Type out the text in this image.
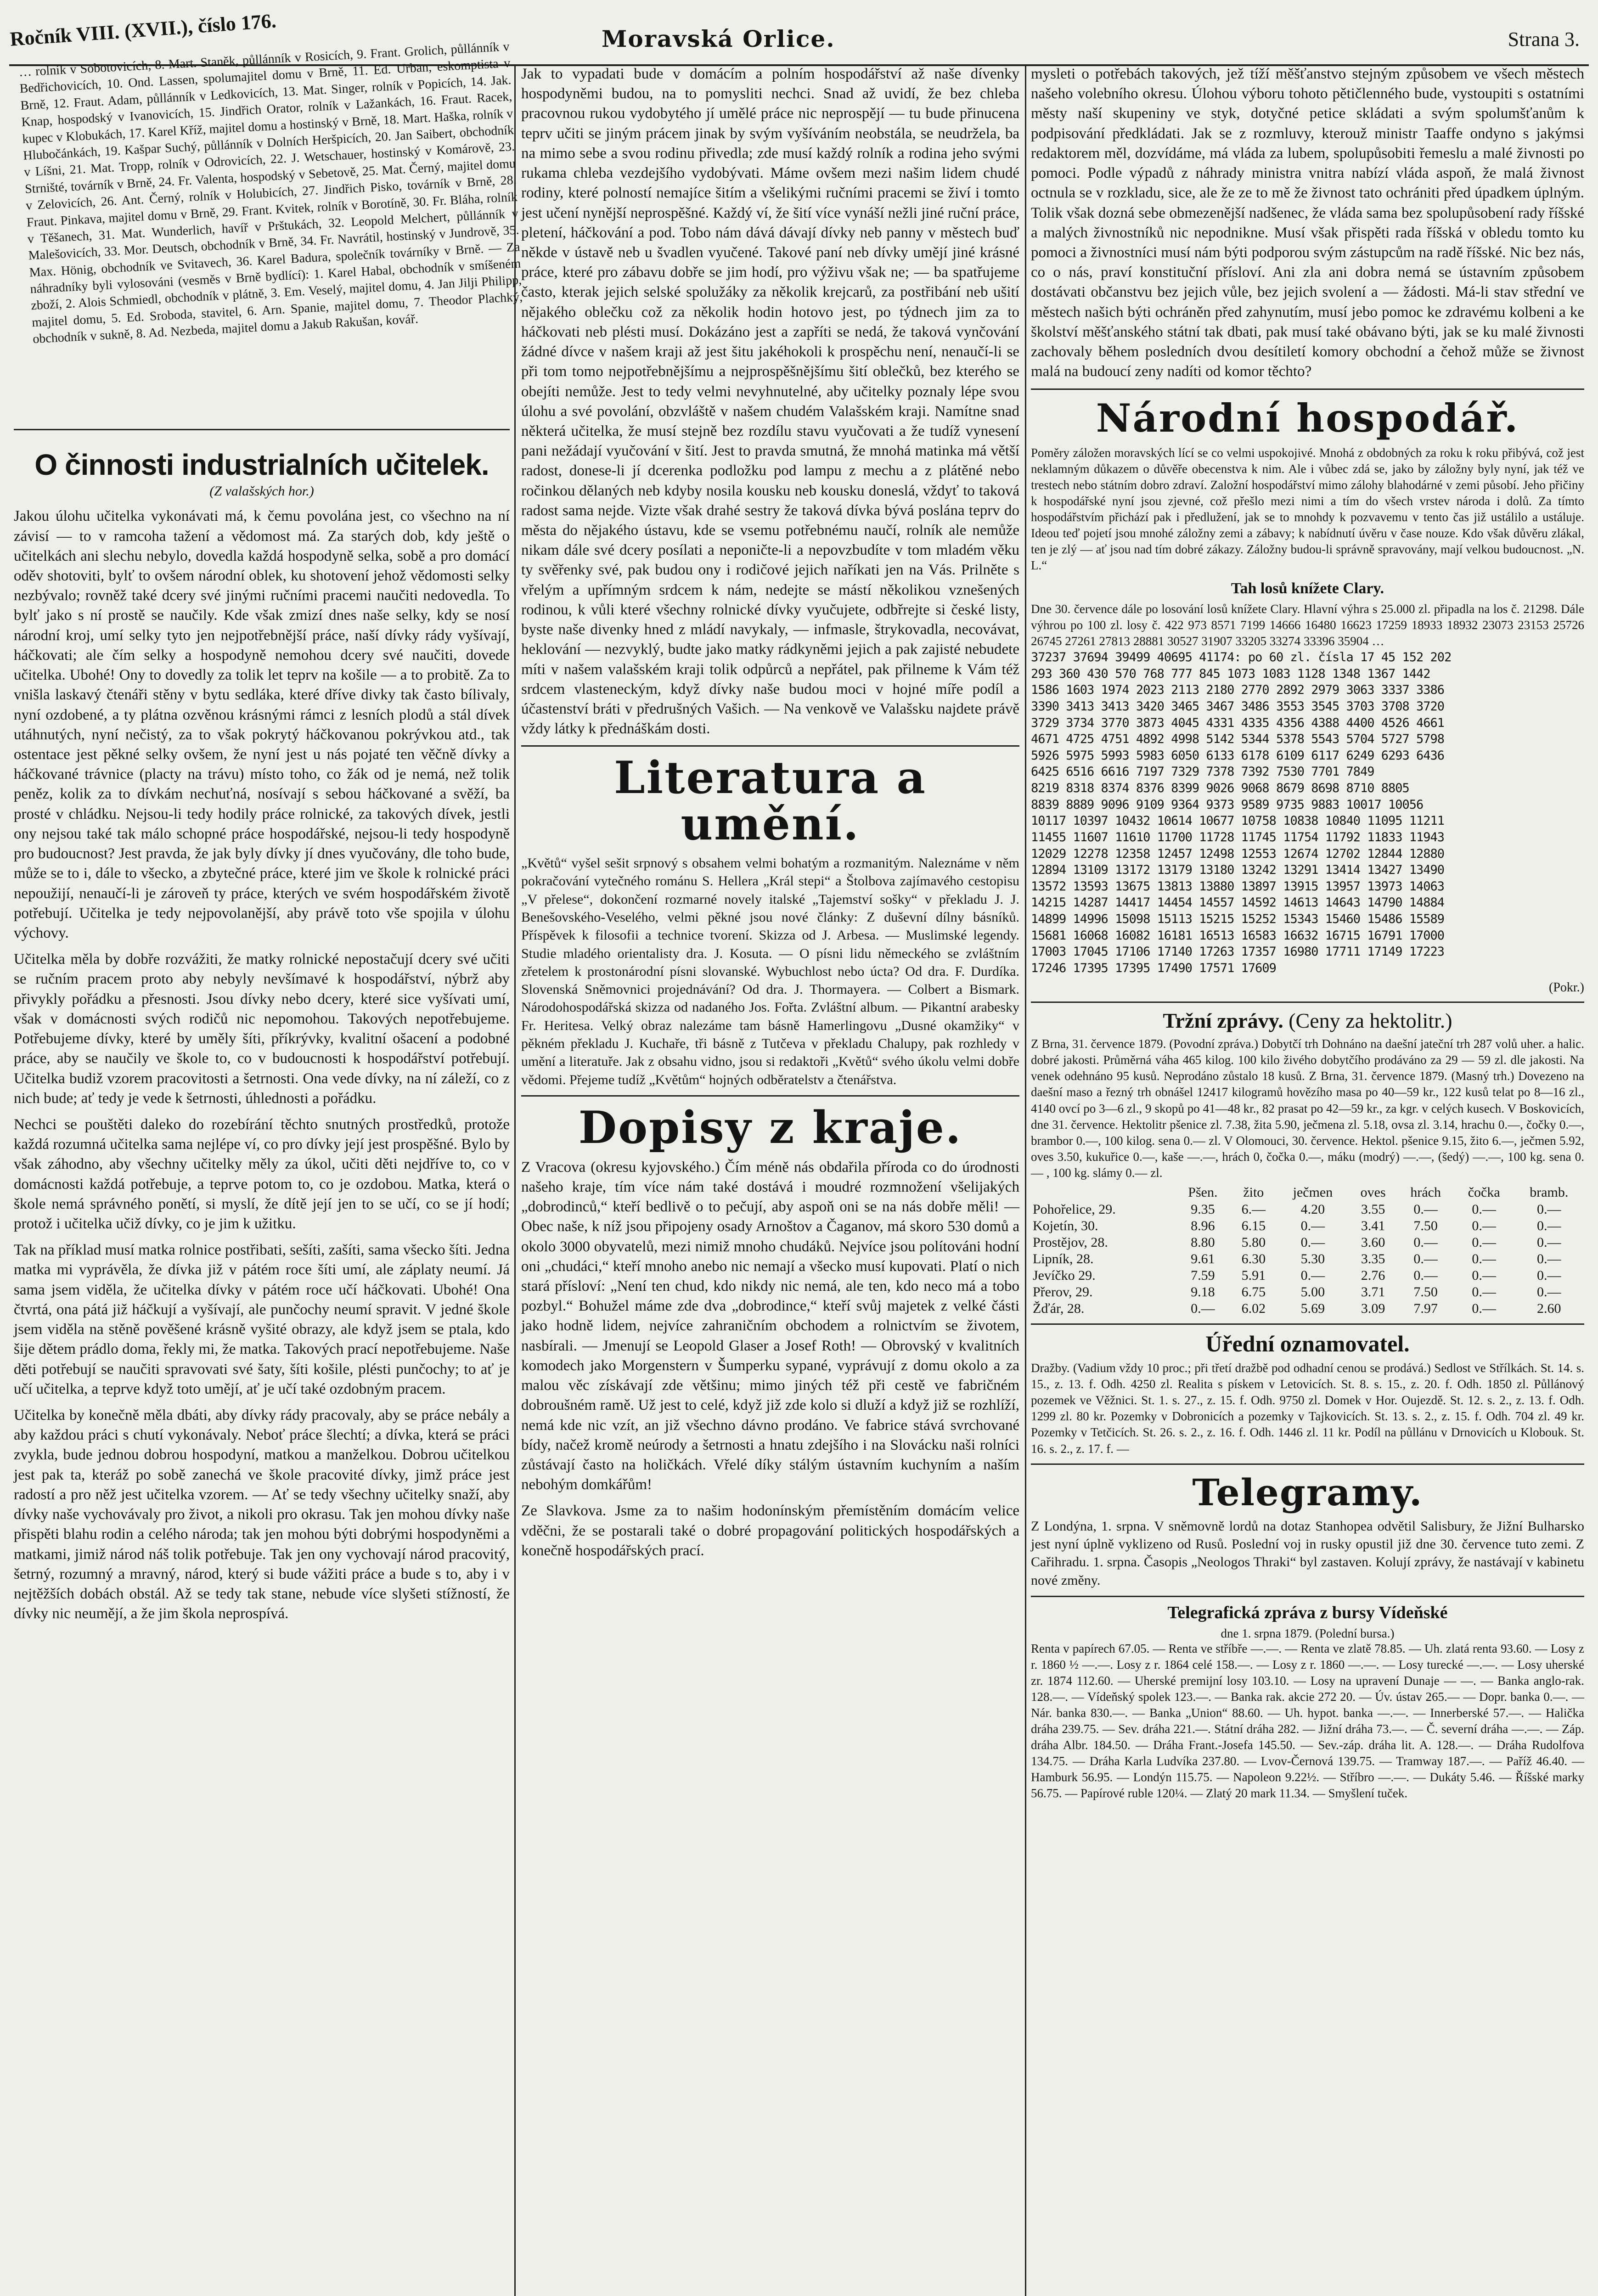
Ročník VIII. (XVII.), číslo 176.	Moravská Orlice.	Strana 3.
… rolník v Sobotovicích, 8. Mart. Staněk, půllánník v Rosicích, 9. Frant. Grolich, půllánník v Bedřichovicích, 10. Ond. Lassen, spolumajitel domu v Brně, 11. Ed. Urban, eskomptista v Brně, 12. Fraut. Adam, půllánník v Ledkovicích, 13. Mat. Singer, rolník v Popicích, 14. Jak. Knap, hospodský v Ivanovicích, 15. Jindřich Orator, rolník v Lažankách, 16. Fraut. Racek, kupec v Klobukách, 17. Karel Kříž, majitel domu a hostinský v Brně, 18. Mart. Haška, rolník v Hlubočánkách, 19. Kašpar Suchý, půllánník v Dolních Heršpicích, 20. Jan Saibert, obchodník v Líšni, 21. Mat. Tropp, rolník v Odrovicích, 22. J. Wetschauer, hostinský v Komárově, 23. Strništé, továrník v Brně, 24. Fr. Valenta, hospodský v Sebetově, 25. Mat. Černý, majitel domu v Zelovicích, 26. Ant. Černý, rolník v Holubicích, 27. Jindřich Pisko, továrník v Brně, 28. Fraut. Pinkava, majitel domu v Brně, 29. Frant. Kvitek, rolník v Borotíně, 30. Fr. Bláha, rolník v Těšanech, 31. Mat. Wunderlich, havíř v Prštukách, 32. Leopold Melchert, půllánník v Malešovicích, 33. Mor. Deutsch, obchodník v Brně, 34. Fr. Navrátil, hostinský v Jundrově, 35. Max. Hönig, obchodník ve Svitavech, 36. Karel Badura, společník továrníky v Brně. — Za náhradníky byli vylosováni (vesměs v Brně bydlící): 1. Karel Habal, obchodník v smíšeném zboží, 2. Alois Schmiedl, obchodník v plátně, 3. Em. Veselý, majitel domu, 4. Jan Jilji Philipp, majitel domu, 5. Ed. Sroboda, stavitel, 6. Arn. Spanie, majitel domu, 7. Theodor Plachký, obchodník v sukně, 8. Ad. Nezbeda, majitel domu a Jakub Rakušan, kovář.
O činnosti industrialních učitelek.
(Z valašských hor.)

Jakou úlohu učitelka vykonávati má, k čemu povolána jest, co všechno na ní závisí — to v ramcoha tažení a vědomost má. Za starých dob, kdy ještě o učitelkách ani slechu nebylo, dovedla každá hospodyně selka, sobě a pro domácí oděv shotoviti, bylť to ovšem národní oblek, ku shotovení jehož vědomosti selky nezbývalo; rovněž také dcery své jinými ručními pracemi naučiti nedovedla. To bylť jako s ní prostě se naučily. Kde však zmizí dnes naše selky, kdy se nosí národní kroj, umí selky tyto jen nejpotřebnější práce, naší dívky rády vyšívají, háčkovati; ale čím selky a hospodyně nemohou dcery své naučiti, dovede učitelka. Ubohé! Ony to dovedly za tolik let teprv na košile — a to probitě. Za to vnišla laskavý čtenáři stěny v bytu sedláka, které dříve divky tak často bílivaly, nyní ozdobené, a ty plátna ozvěnou krásnými rámci z lesních plodů a stál dívek utáhnutých, nyní nečistý, za to však pokrytý háčkovanou pokrývkou atd., tak ostentace jest pěkné selky ovšem, že nyní jest u nás pojaté ten věčně dívky a háčkované trávnice (placty na trávu) místo toho, co žák od je nemá, než tolik peněz, kolik za to dívkám nechuťná, nosívají s sebou háčkované a svěží, ba prosté v chládku. Nejsou-li tedy hodily práce rolnické, za takových dívek, jestli ony nejsou také tak málo schopné práce hospodářské, nejsou-li tedy hospodyně pro budoucnost? Jest pravda, že jak byly dívky jí dnes vyučovány, dle toho bude, může se to i, dále to všecko, a zbytečné práce, které jim ve škole k rolnické práci nepoužijí, nenaučí-li je zároveň ty práce, kterých ve svém hospodářském životě potřebují. Učitelka je tedy nejpovolanější, aby právě toto vše spojila v úlohu výchovy.

Učitelka měla by dobře rozvážiti, že matky rolnické nepostačují dcery své učiti se ručním pracem proto aby nebyly nevšímavé k hospodářství, nýbrž aby přivykly pořádku a přesnosti. Jsou dívky nebo dcery, které sice vyšívati umí, však v domácnosti svých rodičů nic nepomohou. Takových nepotřebujeme. Potřebujeme dívky, které by uměly šíti, příkrývky, kvalitní ošacení a podobné práce, aby se naučily ve škole to, co v budoucnosti k hospodářství potřebují. Učitelka budiž vzorem pracovitosti a šetrnosti. Ona vede dívky, na ní záleží, co z nich bude; ať tedy je vede k šetrnosti, úhlednosti a pořádku.

Nechci se pouštěti daleko do rozebírání těchto snutných prostředků, protože každá rozumná učitelka sama nejlépe ví, co pro dívky její jest prospěšné. Bylo by však záhodno, aby všechny učitelky měly za úkol, učiti děti nejdříve to, co v domácnosti každá potřebuje, a teprve potom to, co je ozdobou. Matka, která o škole nemá správného ponětí, si myslí, že dítě její jen to se učí, co se jí hodí; protož i učitelka učiž dívky, co je jim k užitku.

Tak na příklad musí matka rolnice postřibati, sešíti, zašíti, sama všecko šíti. Jedna matka mi vyprávěla, že dívka již v pátém roce šíti umí, ale záplaty neumí. Já sama jsem viděla, že učitelka dívky v pátém roce učí háčkovati. Ubohé! Ona čtvrtá, ona pátá již háčkují a vyšívají, ale punčochy neumí spravit. V jedné škole jsem viděla na stěně pověšené krásně vyšité obrazy, ale když jsem se ptala, kdo šije dětem prádlo doma, řekly mi, že matka. Takových prací nepotřebujeme. Naše děti potřebují se naučiti spravovati své šaty, šíti košile, plésti punčochy; to ať je učí učitelka, a teprve když toto umějí, ať je učí také ozdobným pracem.

Učitelka by konečně měla dbáti, aby dívky rády pracovaly, aby se práce nebály a aby každou práci s chutí vykonávaly. Neboť práce šlechtí; a dívka, která se práci zvykla, bude jednou dobrou hospodyní, matkou a manželkou. Dobrou učitelkou jest pak ta, kteráž po sobě zanechá ve škole pracovité dívky, jimž práce jest radostí a pro něž jest učitelka vzorem. — Ať se tedy všechny učitelky snaží, aby dívky naše vychovávaly pro život, a nikoli pro okrasu. Tak jen mohou dívky naše přispěti blahu rodin a celého národa; tak jen mohou býti dobrými hospodyněmi a matkami, jimiž národ náš tolik potřebuje. Tak jen ony vychovají národ pracovitý, šetrný, rozumný a mravný, národ, který si bude vážiti práce a bude s to, aby i v nejtěžších dobách obstál. Až se tedy tak stane, nebude více slyšeti stížností, že dívky nic neumějí, a že jim škola neprospívá.

Jak to vypadati bude v domácím a polním hospodářství až naše dívenky hospodyněmi budou, na to pomysliti nechci. Snad až uvidí, že bez chleba pracovnou rukou vydobytého jí umělé práce nic neprospějí — tu bude přinucena teprv učiti se jiným prácem jinak by svým vyšíváním neobstála, se neudržela, ba na mimo sebe a svou rodinu přivedla; zde musí každý rolník a rodina jeho svými rukama chleba vezdejšího vydobývati. Máme ovšem mezi našim lidem chudé rodiny, které polností nemajíce šitím a všelikými ručními pracemi se živí i tomto jest učení nynější neprospěšné. Každý ví, že šití více vynáší nežli jiné ruční práce, pletení, háčkování a pod. Tobo nám dává dávají dívky neb panny v městech buď někde v ústavě neb u švadlen vyučené. Takové paní neb dívky umějí jiné krásné práce, které pro zábavu dobře se jim hodí, pro výživu však ne; — ba spatřujeme často, kterak jejich selské spolužáky za několik krejcarů, za postřibání neb ušití nějakého oblečku což za několik hodin hotovo jest, po týdnech jim za to háčkovati neb plésti musí. Dokázáno jest a zapříti se nedá, že taková vynčování žádné dívce v našem kraji až jest šitu jakéhokoli k prospěchu není, nenaučí-li se při tom tomo nejpotřebnějšímu a nejprospěšnějšímu šití oblečků, bez kterého se obejíti nemůže. Jest to tedy velmi nevyhnutelné, aby učitelky poznaly lépe svou úlohu a své povolání, obzvláště v našem chudém Valašském kraji. Namítne snad některá učitelka, že musí stejně bez rozdílu stavu vyučovati a že tudíž vynesení pani nežádají vyučování v šití. Jest to pravda smutná, že mnohá matinka má větší radost, donese-li jí dcerenka podložku pod lampu z mechu a z plátěné nebo ročinkou dělaných neb kdyby nosila kousku neb kousku doneslá, vždyť to taková radost sama nejde. Vizte však drahé sestry že taková dívka bývá poslána teprv do města do nějakého ústavu, kde se vsemu potřebnému naučí, rolník ale nemůže nikam dále své dcery posílati a neponičte-li a nepovzbudíte v tom mladém věku ty svěřenky své, pak budou ony i rodičové jejich naříkati jen na Vás. Prilněte s vřelým a upřímným srdcem k nám, nedejte se mástí několikou vznešených rodinou, k vůli které všechny rolnické dívky vyučujete, odbřrejte si české listy, byste naše divenky hned z mládí navykaly, — infmasle, štrykovadla, necovávat, heklování — nezvyklý, budte jako matky rádkyněmi jejich a pak zajisté nebudete míti v našem valašském kraji tolik odpůrců a nepřátel, pak přilneme k Vám též srdcem vlasteneckým, když dívky naše budou moci v hojné míře podíl a účastenství bráti v předrušných Vašich. — Na venkově ve Valašsku najdete právě vždy látky k přednáškám dosti.

Literatura a umění.

„Květů“ vyšel sešit srpnový s obsahem velmi bohatým a rozmanitým. Naleznáme v něm pokračování vytečného románu S. Hellera „Král stepi“ a Štolbova zajímavého cestopisu „V přelese“, dokončení rozmarné novely italské „Tajemství sošky“ v překladu J. J. Benešovského-Veselého, velmi pěkné jsou nové články: Z duševní dílny básníků. Příspěvek k filosofii a technice tvorení. Skizza od J. Arbesa. — Muslimské legendy. Studie mladého orientalisty dra. J. Kosuta. — O písni lidu německého se zvláštním zřetelem k prostonárodní písni slovanské. Wybuchlost nebo úcta? Od dra. F. Durdíka. Slovenská Sněmovnici projednávání? Od dra. J. Thormayera. — Colbert a Bismark. Národohospodářská skizza od nadaného Jos. Fořta. Zvláštní album. — Pikantní arabesky Fr. Heritesa. Velký obraz nalezáme tam básně Hamerlingovu „Dusné okamžiky“ v pěkném překladu J. Kuchaře, tři básně z Tutčeva v překladu Chalupy, pak rozhledy v umění a literatuře. Jak z obsahu vidno, jsou si redaktoři „Květů“ svého úkolu velmi dobře vědomi. Přejeme tudíž „Květům“ hojných odběratelstv a čtenářstva.

Dopisy z kraje.

Z Vracova (okresu kyjovského.) Čím méně nás obdařila příroda co do úrodnosti našeho kraje, tím více nám také dostává i moudré rozmnožení všelijakých „dobrodinců,“ kteří bedlivě o to pečují, aby aspoň oni se na nás dobře měli! — Obec naše, k níž jsou připojeny osady Arnoštov a Čaganov, má skoro 530 domů a okolo 3000 obyvatelů, mezi nimiž mnoho chudáků. Nejvíce jsou polítováni hodní oni „chudáci,“ kteří mnoho anebo nic nemají a všecko musí kupovati. Platí o nich stará přísloví: „Není ten chud, kdo nikdy nic nemá, ale ten, kdo neco má a tobo pozbyl.“ Bohužel máme zde dva „dobrodince,“ kteří svůj majetek z velké části jako hodně lidem, nejvíce zahraničním obchodem a rolnictvím se životem, nasbírali. — Jmenují se Leopold Glaser a Josef Roth! — Obrovský v kvalitních komodech jako Morgenstern v Šumperku sypané, vyprávují z domu okolo a za malou věc získávají zde většinu; mimo jiných též při cestě ve fabričném dobroušném ramě. Už jest to celé, když již zde kolo si dluží a když již se rozhlíží, nemá kde nic vzít, an již všechno dávno prodáno. Ve fabrice stává svrchované bídy, načež kromě neúrody a šetrnosti a hnatu zdejšího i na Slovácku naši rolníci zůstávají často na holičkách. Vřelé díky stálým ústavním kuchyním a naším nebohým domkářům!

Ze Slavkova. Jsme za to našim hodonínským přemístěním domácím velice vděčni, že se postarali také o dobré propagování politických hospodářských a konečně hospodářských prací.

mysleti o potřebách takových, jež tíží měšťanstvo stejným způsobem ve všech městech našeho volebního okresu. Úlohou výboru tohoto pětičlenného bude, vystoupiti s ostatními městy naší skupeniny ve styk, dotyčné petice skládati a svým spolumšťanům k podpisování předkládati. Jak se z rozmluvy, kterouž ministr Taaffe ondyno s jakýmsi redaktorem měl, dozvídáme, má vláda za lubem, spolupůsobiti řemeslu a malé živnosti po pomoci. Podle výpadů z náhrady ministra vnitra nabízí vláda aspoň, že malá živnost octnula se v rozkladu, sice, ale že ze to mě že živnost tato ochrániti před úpadkem úplným. Tolik však dozná sebe obmezenější nadšenec, že vláda sama bez spolupůsobení rady říšské a malých živnostníků nic nepodnikne. Musí však přispěti rada říšská v obledu tomto ku pomoci a živnostníci musí nám býti podporou svým zástupcům na radě říšské. Nic bez nás, co o nás, praví konstituční přísloví. Ani zla ani dobra nemá se ústavním způsobem dostávati občanstvu bez jejich vůle, bez jejich svolení a — žádosti. Má-li stav střední ve městech našich býti ochráněn před zahynutím, musí jebo pomoc ke zdravému kolbeni a ke školství měšťanského státní tak dbati, pak musí také obávano býti, jak se ku malé živnosti zachovaly během posledních dvou desítiletí komory obchodní a čehož může se živnost malá na budoucí zeny nadíti od komor těchto?

Národní hospodář.

Poměry záložen moravských lící se co velmi uspokojivé. Mnohá z obdobných za roku k roku přibývá, což jest neklamným důkazem o důvěře obecenstva k nim. Ale i vůbec zdá se, jako by záložny byly nyní, jak též ve trestech nebo státním dobro zdraví. Založní hospodářství mimo zálohy blahodárné v zemi působí. Jeho přičiny k hospodářské nyní jsou zjevné, což přešlo mezi nimi a tím do všech vrstev národa i dolů. Za tímto hospodářstvím přichází pak i předlužení, jak se to mnohdy k pozvavemu v tento čas již ustálilo a ustáluje. Ideou teď pojetí jsou mnohé záložny zemi a zábavy; k nabídnutí úvěru v čase nouze. Kdo však důvěru zlákal, ten je zlý — ať jsou nad tím dobré zákazy. Záložny budou-li správně spravovány, mají velkou budoucnost. „N. L.“

Tah losů knížete Clary.

Dne 30. července dále po losování losů knížete Clary. Hlavní výhra s 25.000 zl. připadla na los č. 21298. Dále výhrou po 100 zl. losy č. 422 973 8571 7199 14666 16480 16623 17259 18933 18932 23073 23153 25726 26745 27261 27813 28881 30527 31907 33205 33274 33396 35904 …

37237 37694 39499 40695 41174: po 60 zl. čísla 17 45 152 202
293 360 430 570 768 777 845 1073 1083 1128 1348 1367 1442
1586 1603 1974 2023 2113 2180 2770 2892 2979 3063 3337 3386
3390 3413 3413 3420 3465 3467 3486 3553 3545 3703 3708 3720
3729 3734 3770 3873 4045 4331 4335 4356 4388 4400 4526 4661
4671 4725 4751 4892 4998 5142 5344 5378 5543 5704 5727 5798
5926 5975 5993 5983 6050 6133 6178 6109 6117 6249 6293 6436
6425 6516 6616 7197 7329 7378 7392 7530 7701 7849
8219 8318 8374 8376 8399 9026 9068 8679 8698 8710 8805
8839 8889 9096 9109 9364 9373 9589 9735 9883 10017 10056
10117 10397 10432 10614 10677 10758 10838 10840 11095 11211
11455 11607 11610 11700 11728 11745 11754 11792 11833 11943
12029 12278 12358 12457 12498 12553 12674 12702 12844 12880
12894 13109 13172 13179 13180 13242 13291 13414 13427 13490
13572 13593 13675 13813 13880 13897 13915 13957 13973 14063
14215 14287 14417 14454 14557 14592 14613 14643 14790 14884
14899 14996 15098 15113 15215 15252 15343 15460 15486 15589
15681 16068 16082 16181 16513 16583 16632 16715 16791 17000
17003 17045 17106 17140 17263 17357 16980 17711 17149 17223
17246 17395 17395 17490 17571 17609
(Pokr.)
Tržní zprávy. (Ceny za hektolitr.)

Z Brna, 31. července 1879. (Povodní zpráva.) Dobytčí trh Dohnáno na daešní jateční trh 287 volů uher. a halic. dobré jakosti. Průměrná váha 465 kilog. 100 kilo živého dobytčího prodáváno za 29 — 59 zl. dle jakosti. Na venek odehnáno 95 kusů. Neprodáno zůstalo 18 kusů. Z Brna, 31. července 1879. (Masný trh.) Dovezeno na daešní maso a řezný trh obnášel 12417 kilogramů hovězího masa po 40—59 kr., 122 kusů telat po 8—16 zl., 4140 ovcí po 3—6 zl., 9 skopů po 41—48 kr., 82 prasat po 42—59 kr., za kgr. v celých kusech. V Boskovicích, dne 31. července. Hektolitr pšenice zl. 7.38, žita 5.90, ječmena zl. 5.18, ovsa zl. 3.14, hrachu 0.—, čočky 0.—, brambor 0.—, 100 kilog. sena 0.— zl. V Olomouci, 30. července. Hektol. pšenice 9.15, žito 6.—, ječmen 5.92, oves 3.50, kukuřice 0.—, kaše —.—, hrách 0, čočka 0.—, máku (modrý) —.—, (šedý) —.—, 100 kg. sena 0.— , 100 kg. slámy 0.— zl.

	Pšen.	žito	ječmen	oves	hrách	čočka	bramb.
Pohořelice, 29.	9.35	6.—	4.20	3.55	0.—	0.—	0.—
Kojetín, 30.	8.96	6.15	0.—	3.41	7.50	0.—	0.—
Prostějov, 28.	8.80	5.80	0.—	3.60	0.—	0.—	0.—
Lipník, 28.	9.61	6.30	5.30	3.35	0.—	0.—	0.—
Jevíčko 29.	7.59	5.91	0.—	2.76	0.—	0.—	0.—
Přerov, 29.	9.18	6.75	5.00	3.71	7.50	0.—	0.—
Žďár, 28.	0.—	6.02	5.69	3.09	7.97	0.—	2.60
Úřední oznamovatel.

Dražby. (Vadium vždy 10 proc.; při třetí dražbě pod odhadní cenou se prodává.) Sedlost ve Střílkách. St. 14. s. 15., z. 13. f. Odh. 4250 zl. Realita s pískem v Letovicích. St. 8. s. 15., z. 20. f. Odh. 1850 zl. Půllánový pozemek ve Věžnici. St. 1. s. 27., z. 15. f. Odh. 9750 zl. Domek v Hor. Oujezdě. St. 12. s. 2., z. 13. f. Odh. 1299 zl. 80 kr. Pozemky v Dobronicích a pozemky v Tajkovicích. St. 13. s. 2., z. 15. f. Odh. 704 zl. 49 kr. Pozemky v Tetčicích. St. 26. s. 2., z. 16. f. Odh. 1446 zl. 11 kr. Podíl na půllánu v Drnovicích u Klobouk. St. 16. s. 2., z. 17. f. —

Telegramy.

Z Londýna, 1. srpna. V sněmovně lordů na dotaz Stanhopea odvětil Salisbury, že Jižní Bulharsko jest nyní úplně vyklizeno od Rusů. Poslední voj in rusky opustil již dne 30. července tuto zemi. Z Cařihradu. 1. srpna. Časopis „Neologos Thraki“ byl zastaven. Kolují zprávy, že nastávají v kabinetu nové změny.

Telegrafická zpráva z bursy Vídeňské
dne 1. srpna 1879. (Polední bursa.)

Renta v papírech 67.05. — Renta ve stříbře —.—. — Renta ve zlatě 78.85. — Uh. zlatá renta 93.60. — Losy z r. 1860 ½ —.—. Losy z r. 1864 celé 158.—. — Losy z r. 1860 —.—. — Losy turecké —.—. — Losy uherské zr. 1874 112.60. — Uherské premijní losy 103.10. — Losy na upravení Dunaje — —. — Banka anglo-rak. 128.—. — Vídeňský spolek 123.—. — Banka rak. akcie 272 20. — Úv. ústav 265.— — Dopr. banka 0.—. — Nár. banka 830.—. — Banka „Union“ 88.60. — Uh. hypot. banka —.—. — Innerberské 57.—. — Halička dráha 239.75. — Sev. dráha 221.—. Státní dráha 282. — Jižní dráha 73.—. — Č. severní dráha —.—. — Záp. dráha Albr. 184.50. — Dráha Frant.-Josefa 145.50. — Sev.-záp. dráha lit. A. 128.—. — Dráha Rudolfova 134.75. — Dráha Karla Ludvíka 237.80. — Lvov-Černová 139.75. — Tramway 187.—. — Paříž 46.40. — Hamburk 56.95. — Londýn 115.75. — Napoleon 9.22½. — Stříbro —.—. — Dukáty 5.46. — Říšské marky 56.75. — Papírové ruble 120¼. — Zlatý 20 mark 11.34. — Smyšlení tuček.
